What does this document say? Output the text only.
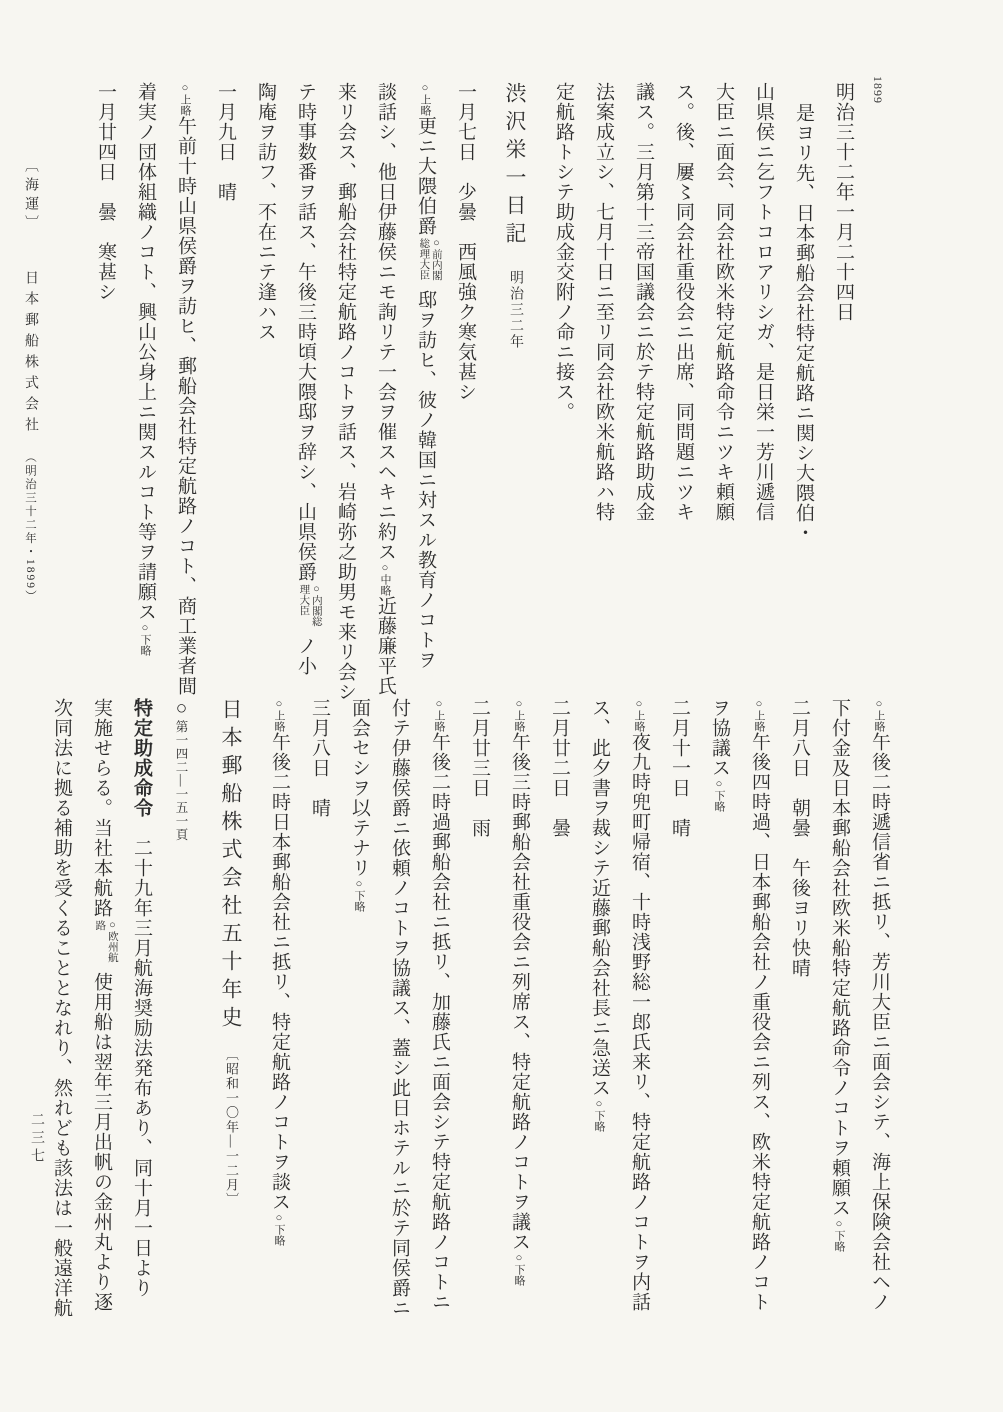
1899
明治三十二年一月二十四日
是ヨリ先、日本郵船会社特定航路ニ関シ大隈伯・
山県侯ニ乞フトコロアリシガ、是日栄一芳川遞信
大臣ニ面会、同会社欧米特定航路命令ニツキ頼願
ス。後、屢〻同会社重役会ニ出席、同問題ニツキ
議ス。三月第十三帝国議会ニ於テ特定航路助成金
法案成立シ、七月十日ニ至リ同会社欧米航路ハ特
定航路トシテ助成金交附ノ命ニ接ス。
渋沢栄一日記　明治三二年
一月七日　少曇　西風強ク寒気甚シ
○上略更ニ大隈伯爵○前内閣総理大臣邸ヲ訪ヒ、彼ノ韓国ニ対スル教育ノコトヲ
談話シ、他日伊藤侯ニモ詢リテ一会ヲ催スヘキニ約ス○中略近藤廉平氏
来リ会ス、郵船会社特定航路ノコトヲ話ス、岩崎弥之助男モ来リ会シ
テ時事数番ヲ話ス、午後三時頃大隈邸ヲ辞シ、山県侯爵○内閣総理大臣ノ小
陶庵ヲ訪フ、不在ニテ逢ハス
一月九日　晴
○上略午前十時山県侯爵ヲ訪ヒ、郵船会社特定航路ノコト、商工業者間
着実ノ団体組織ノコト、興山公身上ニ関スルコト等ヲ請願ス○下略
一月廿四日　曇　寒甚シ
○上略午後二時遞信省ニ抵リ、芳川大臣ニ面会シテ、海上保険会社ヘノ
下付金及日本郵船会社欧米船特定航路命令ノコトヲ頼願ス○下略
二月八日　朝曇　午後ヨリ快晴
○上略午後四時過、日本郵船会社ノ重役会ニ列ス、欧米特定航路ノコト
ヲ協議ス○下略
二月十一日　晴
○上略夜九時兜町帰宿、十時浅野総一郎氏来リ、特定航路ノコトヲ内話
ス、此夕書ヲ裁シテ近藤郵船会社長ニ急送ス○下略
二月廿二日　曇
○上略午後三時郵船会社重役会ニ列席ス、特定航路ノコトヲ議ス○下略
二月廿三日　雨
○上略午後二時過郵船会社ニ抵リ、加藤氏ニ面会シテ特定航路ノコトニ
付テ伊藤侯爵ニ依頼ノコトヲ協議ス、蓋シ此日ホテルニ於テ同侯爵ニ
面会セシヲ以テナリ○下略
三月八日　晴
○上略午後二時日本郵船会社ニ抵リ、特定航路ノコトヲ談ス○下略
日本郵船株式会社五十年史　〔昭和一〇年―一二月〕
○第一四二―一五一頁
特定助成命令　二十九年三月航海奨励法発布あり、同十月一日より
実施せらる。当社本航路○欧州航路使用船は翌年三月出帆の金州丸より逐
次同法に拠る補助を受くることとなれり、然れども該法は一般遠洋航
〔海運〕 日本郵船株式会社 （明治三十二年・1899）
二三七
